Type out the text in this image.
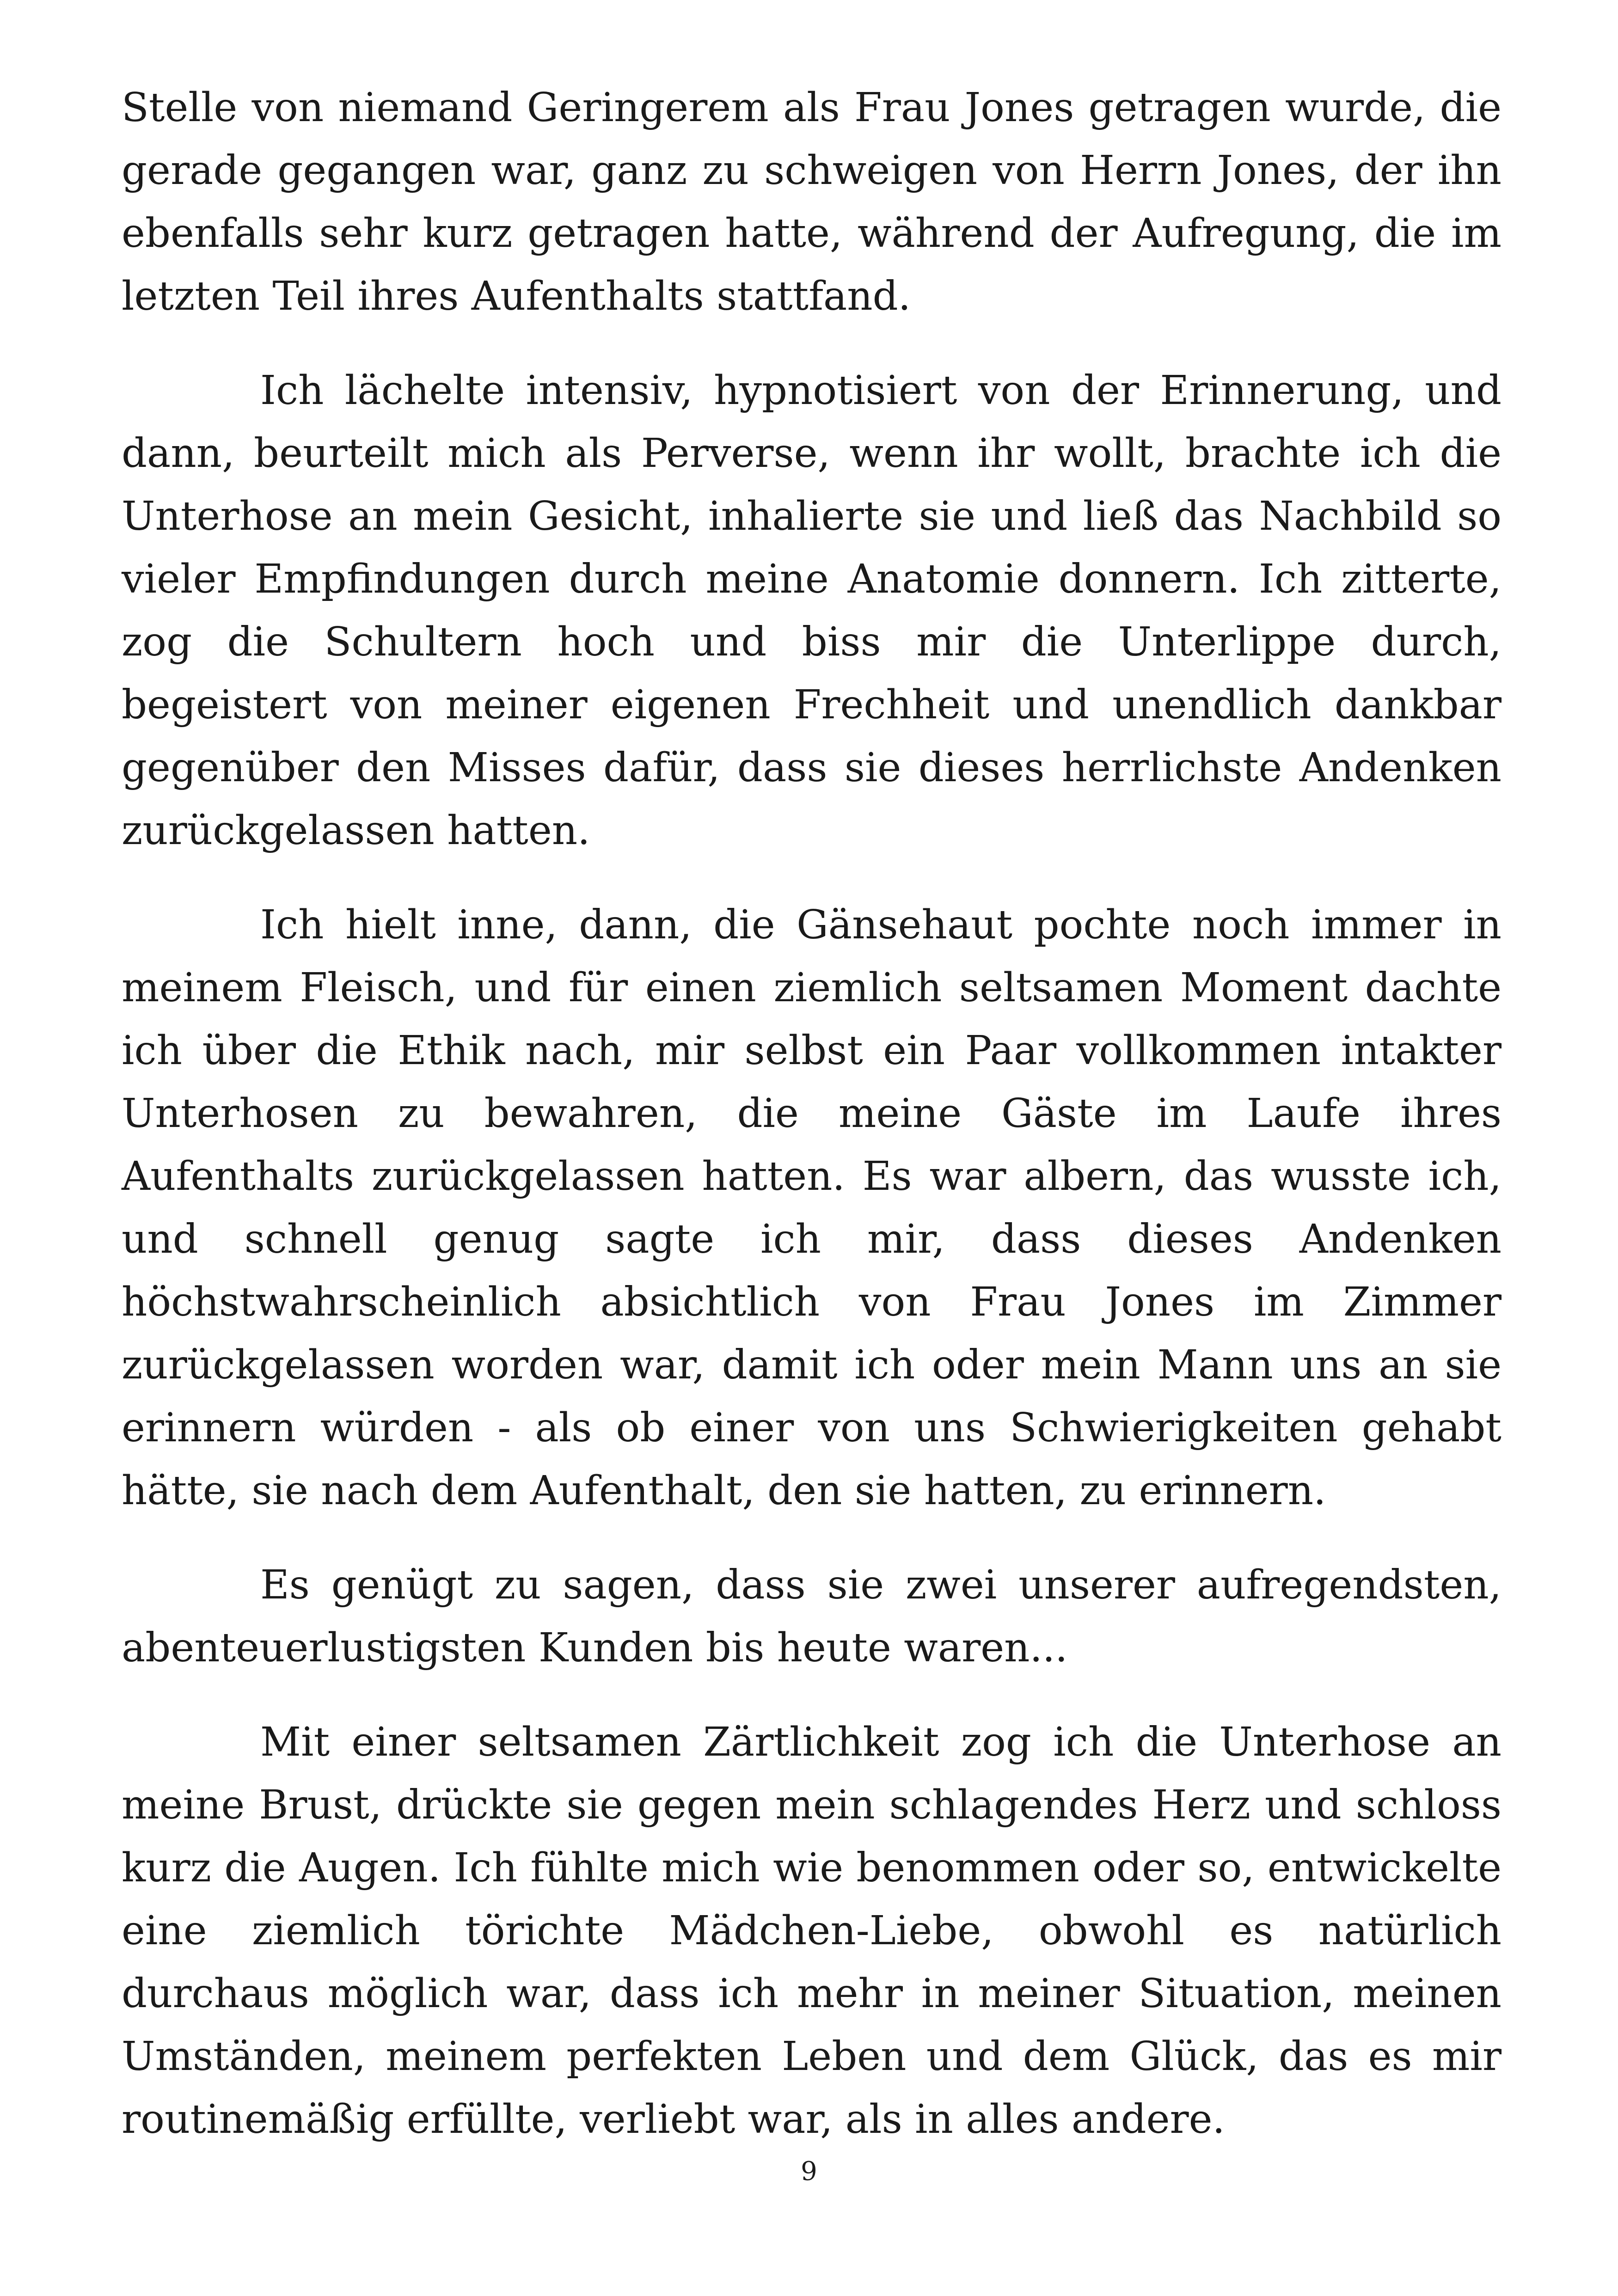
Stelle von niemand Geringerem als Frau Jones getragen wurde, die gerade gegangen war, ganz zu schweigen von Herrn Jones, der ihn ebenfalls sehr kurz getragen hatte, während der Aufregung, die im letzten Teil ihres Aufenthalts stattfand.

Ich lächelte intensiv, hypnotisiert von der Erinnerung, und dann, beurteilt mich als Perverse, wenn ihr wollt, brachte ich die Unterhose an mein Gesicht, inhalierte sie und ließ das Nachbild so vieler Empfindungen durch meine Anatomie donnern. Ich zitterte, zog die Schultern hoch und biss mir die Unterlippe durch, begeistert von meiner eigenen Frechheit und unendlich dankbar gegenüber den Misses dafür, dass sie dieses herrlichste Andenken zurückgelassen hatten.

Ich hielt inne, dann, die Gänsehaut pochte noch immer in meinem Fleisch, und für einen ziemlich seltsamen Moment dachte ich über die Ethik nach, mir selbst ein Paar vollkommen intakter Unterhosen zu bewahren, die meine Gäste im Laufe ihres Aufenthalts zurückgelassen hatten. Es war albern, das wusste ich, und schnell genug sagte ich mir, dass dieses Andenken höchstwahrscheinlich absichtlich von Frau Jones im Zimmer zurückgelassen worden war, damit ich oder mein Mann uns an sie erinnern würden - als ob einer von uns Schwierigkeiten gehabt hätte, sie nach dem Aufenthalt, den sie hatten, zu erinnern.

Es genügt zu sagen, dass sie zwei unserer aufregendsten, abenteuerlustigsten Kunden bis heute waren...

Mit einer seltsamen Zärtlichkeit zog ich die Unterhose an meine Brust, drückte sie gegen mein schlagendes Herz und schloss kurz die Augen. Ich fühlte mich wie benommen oder so, entwickelte eine ziemlich törichte Mädchen-Liebe, obwohl es natürlich durchaus möglich war, dass ich mehr in meiner Situation, meinen Umständen, meinem perfekten Leben und dem Glück, das es mir routinemäßig erfüllte, verliebt war, als in alles andere.

9
